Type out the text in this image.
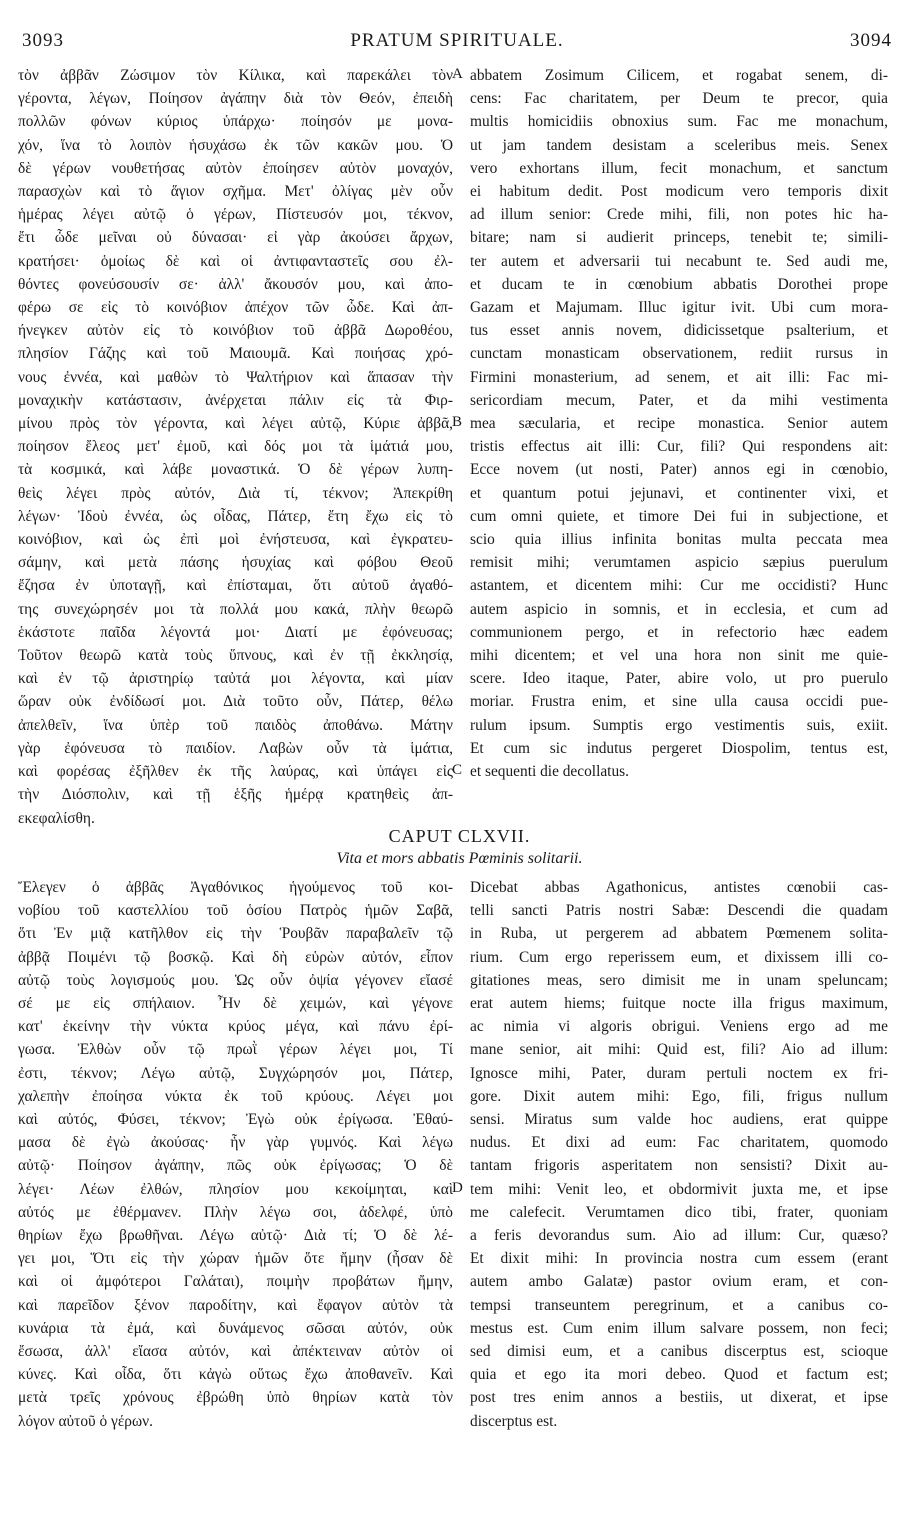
3093	PRATUM SPIRITUALE.	3094
τὸν ἀββᾶν Ζώσιμον τὸν Κίλικα, καὶ παρεκάλει τὸν
γέροντα, λέγων, Ποίησον ἀγάπην διὰ τὸν Θεόν, ἐπειδὴ
πολλῶν φόνων κύριος ὑπάρχω· ποίησόν με μονα-
χόν, ἵνα τὸ λοιπὸν ἡσυχάσω ἐκ τῶν κακῶν μου. Ὁ
δὲ γέρων νουθετήσας αὐτὸν ἐποίησεν αὐτὸν μοναχόν,
παρασχὼν καὶ τὸ ἅγιον σχῆμα. Μετ' ὀλίγας μὲν οὖν
ἡμέρας λέγει αὐτῷ ὁ γέρων, Πίστευσόν μοι, τέκνον,
ἔτι ὧδε μεῖναι οὐ δύνασαι· εἰ γὰρ ἀκούσει ἄρχων,
κρατήσει· ὁμοίως δὲ καὶ οἱ ἀντιφανταστεῖς σου ἐλ-
θόντες φονεύσουσίν σε· ἀλλ' ἄκουσόν μου, καὶ ἀπο-
φέρω σε εἰς τὸ κοινόβιον ἀπέχον τῶν ὧδε. Καὶ ἀπ-
ήνεγκεν αὐτὸν εἰς τὸ κοινόβιον τοῦ ἀββᾶ Δωροθέου,
πλησίον Γάζης καὶ τοῦ Μαιουμᾶ. Καὶ ποιήσας χρό-
νους ἐννέα, καὶ μαθὼν τὸ Ψαλτήριον καὶ ἅπασαν τὴν
μοναχικὴν κατάστασιν, ἀνέρχεται πάλιν εἰς τὰ Φιρ-
μίνου πρὸς τὸν γέροντα, καὶ λέγει αὐτῷ, Κύριε ἀββᾶ,
ποίησον ἔλεος μετ' ἐμοῦ, καὶ δός μοι τὰ ἱμάτιά μου,
τὰ κοσμικά, καὶ λάβε μοναστικά. Ὁ δὲ γέρων λυπη-
θεὶς λέγει πρὸς αὐτόν, Διὰ τί, τέκνον; Ἀπεκρίθη
λέγων· Ἰδοὺ ἐννέα, ὡς οἶδας, Πάτερ, ἔτη ἔχω εἰς τὸ
κοινόβιον, καὶ ὡς ἐπὶ μοὶ ἐνήστευσα, καὶ ἐγκρατευ-
σάμην, καὶ μετὰ πάσης ἡσυχίας καὶ φόβου Θεοῦ
ἔζησα ἐν ὑποταγῇ, καὶ ἐπίσταμαι, ὅτι αὐτοῦ ἀγαθό-
της συνεχώρησέν μοι τὰ πολλά μου κακά, πλὴν θεωρῶ
ἑκάστοτε παῖδα λέγοντά μοι· Διατί με ἐφόνευσας;
Τοῦτον θεωρῶ κατὰ τοὺς ὕπνους, καὶ ἐν τῇ ἐκκλησίᾳ,
καὶ ἐν τῷ ἀριστηρίῳ ταὐτά μοι λέγοντα, καὶ μίαν
ὥραν οὐκ ἐνδίδωσί μοι. Διὰ τοῦτο οὖν, Πάτερ, θέλω
ἀπελθεῖν, ἵνα ὑπὲρ τοῦ παιδὸς ἀποθάνω. Μάτην
γὰρ ἐφόνευσα τὸ παιδίον. Λαβὼν οὖν τὰ ἱμάτια,
καὶ φορέσας ἐξῆλθεν ἐκ τῆς λαύρας, καὶ ὑπάγει εἰς
τὴν Διόσπολιν, καὶ τῇ ἑξῆς ἡμέρᾳ κρατηθεὶς ἀπ-
εκεφαλίσθη.
abbatem Zosimum Cilicem, et rogabat senem, di-
cens: Fac charitatem, per Deum te precor, quia
multis homicidiis obnoxius sum. Fac me monachum,
ut jam tandem desistam a sceleribus meis. Senex
vero exhortans illum, fecit monachum, et sanctum
ei habitum dedit. Post modicum vero temporis dixit
ad illum senior: Crede mihi, fili, non potes hic ha-
bitare; nam si audierit princeps, tenebit te; simili-
ter autem et adversarii tui necabunt te. Sed audi me,
et ducam te in cœnobium abbatis Dorothei prope
Gazam et Majumam. Illuc igitur ivit. Ubi cum mora-
tus esset annis novem, didicissetque psalterium, et
cunctam monasticam observationem, rediit rursus in
Firmini monasterium, ad senem, et ait illi: Fac mi-
sericordiam mecum, Pater, et da mihi vestimenta
mea sæcularia, et recipe monastica. Senior autem
tristis effectus ait illi: Cur, fili? Qui respondens ait:
Ecce novem (ut nosti, Pater) annos egi in cœnobio,
et quantum potui jejunavi, et continenter vixi, et
cum omni quiete, et timore Dei fui in subjectione, et
scio quia illius infinita bonitas multa peccata mea
remisit mihi; verumtamen aspicio sæpius puerulum
astantem, et dicentem mihi: Cur me occidisti? Hunc
autem aspicio in somnis, et in ecclesia, et cum ad
communionem pergo, et in refectorio hæc eadem
mihi dicentem; et vel una hora non sinit me quie-
scere. Ideo itaque, Pater, abire volo, ut pro puerulo
moriar. Frustra enim, et sine ulla causa occidi pue-
rulum ipsum. Sumptis ergo vestimentis suis, exiit.
Et cum sic indutus pergeret Diospolim, tentus est,
et sequenti die decollatus.
A
B
C
D
CAPUT CLXVII.
Vita et mors abbatis Pœminis solitarii.
Ἔλεγεν ὁ ἀββᾶς Ἀγαθόνικος ἡγούμενος τοῦ κοι-
νοβίου τοῦ καστελλίου τοῦ ὁσίου Πατρὸς ἡμῶν Σαβᾶ,
ὅτι Ἐν μιᾷ κατῆλθον εἰς τὴν Ῥουβᾶν παραβαλεῖν τῷ
ἀββᾷ Ποιμένι τῷ βοσκῷ. Καὶ δὴ εὑρὼν αὐτόν, εἶπον
αὐτῷ τοὺς λογισμούς μου. Ὡς οὖν ὀψία γέγονεν εἴασέ
σέ με εἰς σπήλαιον. Ἦν δὲ χειμών, καὶ γέγονε
κατ' ἐκείνην τὴν νύκτα κρύος μέγα, καὶ πάνυ ἐρί-
γωσα. Ἐλθὼν οὖν τῷ πρωῒ γέρων λέγει μοι, Τί
ἐστι, τέκνον; Λέγω αὐτῷ, Συγχώρησόν μοι, Πάτερ,
χαλεπὴν ἐποίησα νύκτα ἐκ τοῦ κρύους. Λέγει μοι
καὶ αὐτός, Φύσει, τέκνον; Ἐγὼ οὐκ ἐρίγωσα. Ἐθαύ-
μασα δὲ ἐγὼ ἀκούσας· ἦν γὰρ γυμνός. Καὶ λέγω
αὐτῷ· Ποίησον ἀγάπην, πῶς οὐκ ἐρίγωσας; Ὁ δὲ
λέγει· Λέων ἐλθών, πλησίον μου κεκοίμηται, καὶ
αὐτός με ἐθέρμανεν. Πλὴν λέγω σοι, ἀδελφέ, ὑπὸ
θηρίων ἔχω βρωθῆναι. Λέγω αὐτῷ· Διὰ τί; Ὁ δὲ λέ-
γει μοι, Ὅτι εἰς τὴν χώραν ἡμῶν ὅτε ἤμην (ἦσαν δὲ
καὶ οἱ ἀμφότεροι Γαλάται), ποιμὴν προβάτων ἤμην,
καὶ παρεῖδον ξένον παροδίτην, καὶ ἔφαγον αὐτὸν τὰ
κυνάρια τὰ ἐμά, καὶ δυνάμενος σῶσαι αὐτόν, οὐκ
ἔσωσα, ἀλλ' εἴασα αὐτόν, καὶ ἀπέκτειναν αὐτὸν οἱ
κύνες. Καὶ οἶδα, ὅτι κἀγὼ οὕτως ἔχω ἀποθανεῖν. Καὶ
μετὰ τρεῖς χρόνους ἐβρώθη ὑπὸ θηρίων κατὰ τὸν
λόγον αὐτοῦ ὁ γέρων.
Dicebat abbas Agathonicus, antistes cœnobii cas-
telli sancti Patris nostri Sabæ: Descendi die quadam
in Ruba, ut pergerem ad abbatem Pœmenem solita-
rium. Cum ergo reperissem eum, et dixissem illi co-
gitationes meas, sero dimisit me in unam speluncam;
erat autem hiems; fuitque nocte illa frigus maximum,
ac nimia vi algoris obrigui. Veniens ergo ad me
mane senior, ait mihi: Quid est, fili? Aio ad illum:
Ignosce mihi, Pater, duram pertuli noctem ex fri-
gore. Dixit autem mihi: Ego, fili, frigus nullum
sensi. Miratus sum valde hoc audiens, erat quippe
nudus. Et dixi ad eum: Fac charitatem, quomodo
tantam frigoris asperitatem non sensisti? Dixit au-
tem mihi: Venit leo, et obdormivit juxta me, et ipse
me calefecit. Verumtamen dico tibi, frater, quoniam
a feris devorandus sum. Aio ad illum: Cur, quæso?
Et dixit mihi: In provincia nostra cum essem (erant
autem ambo Galatæ) pastor ovium eram, et con-
tempsi transeuntem peregrinum, et a canibus co-
mestus est. Cum enim illum salvare possem, non feci;
sed dimisi eum, et a canibus discerptus est, scioque
quia et ego ita mori debeo. Quod et factum est;
post tres enim annos a bestiis, ut dixerat, et ipse
discerptus est.
